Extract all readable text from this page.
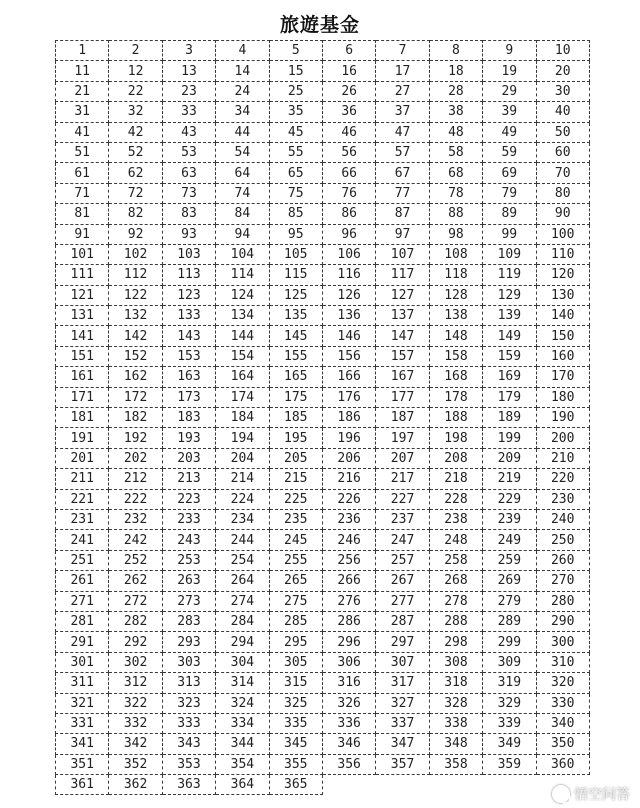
旅遊基金
1	2	3	4	5	6	7	8	9	10
11	12	13	14	15	16	17	18	19	20
21	22	23	24	25	26	27	28	29	30
31	32	33	34	35	36	37	38	39	40
41	42	43	44	45	46	47	48	49	50
51	52	53	54	55	56	57	58	59	60
61	62	63	64	65	66	67	68	69	70
71	72	73	74	75	76	77	78	79	80
81	82	83	84	85	86	87	88	89	90
91	92	93	94	95	96	97	98	99	100
101	102	103	104	105	106	107	108	109	110
111	112	113	114	115	116	117	118	119	120
121	122	123	124	125	126	127	128	129	130
131	132	133	134	135	136	137	138	139	140
141	142	143	144	145	146	147	148	149	150
151	152	153	154	155	156	157	158	159	160
161	162	163	164	165	166	167	168	169	170
171	172	173	174	175	176	177	178	179	180
181	182	183	184	185	186	187	188	189	190
191	192	193	194	195	196	197	198	199	200
201	202	203	204	205	206	207	208	209	210
211	212	213	214	215	216	217	218	219	220
221	222	223	224	225	226	227	228	229	230
231	232	233	234	235	236	237	238	239	240
241	242	243	244	245	246	247	248	249	250
251	252	253	254	255	256	257	258	259	260
261	262	263	264	265	266	267	268	269	270
271	272	273	274	275	276	277	278	279	280
281	282	283	284	285	286	287	288	289	290
291	292	293	294	295	296	297	298	299	300
301	302	303	304	305	306	307	308	309	310
311	312	313	314	315	316	317	318	319	320
321	322	323	324	325	326	327	328	329	330
331	332	333	334	335	336	337	338	339	340
341	342	343	344	345	346	347	348	349	350
351	352	353	354	355	356	357	358	359	360
361	362	363	364	365					
悟空问答
